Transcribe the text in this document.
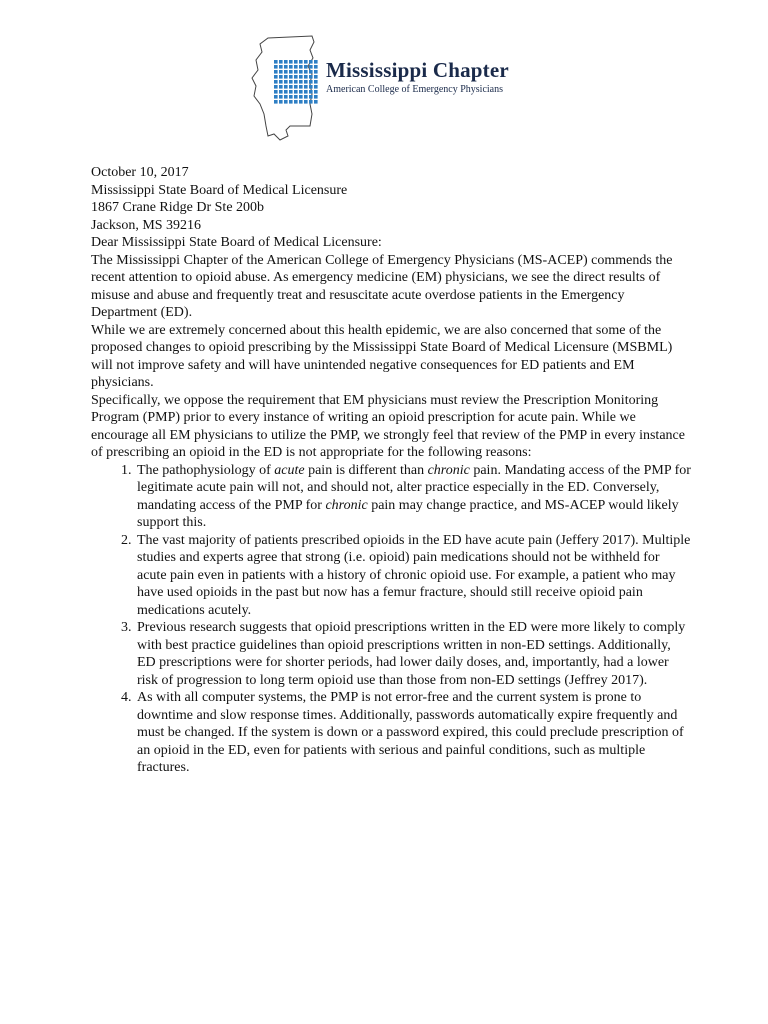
Mississippi Chapter
American College of Emergency Physicians

October 10, 2017

Mississippi State Board of Medical Licensure
1867 Crane Ridge Dr Ste 200b
Jackson, MS 39216

Dear Mississippi State Board of Medical Licensure:

The Mississippi Chapter of the American College of Emergency Physicians (MS-ACEP) commends the recent attention to opioid abuse. As emergency medicine (EM) physicians, we see the direct results of misuse and abuse and frequently treat and resuscitate acute overdose patients in the Emergency Department (ED).

While we are extremely concerned about this health epidemic, we are also concerned that some of the proposed changes to opioid prescribing by the Mississippi State Board of Medical Licensure (MSBML) will not improve safety and will have unintended negative consequences for ED patients and EM physicians.

Specifically, we oppose the requirement that EM physicians must review the Prescription Monitoring Program (PMP) prior to every instance of writing an opioid prescription for acute pain. While we encourage all EM physicians to utilize the PMP, we strongly feel that review of the PMP in every instance of prescribing an opioid in the ED is not appropriate for the following reasons:

1. The pathophysiology of acute pain is different than chronic pain. Mandating access of the PMP for legitimate acute pain will not, and should not, alter practice especially in the ED. Conversely, mandating access of the PMP for chronic pain may change practice, and MS-ACEP would likely support this.
2. The vast majority of patients prescribed opioids in the ED have acute pain (Jeffery 2017). Multiple studies and experts agree that strong (i.e. opioid) pain medications should not be withheld for acute pain even in patients with a history of chronic opioid use. For example, a patient who may have used opioids in the past but now has a femur fracture, should still receive opioid pain medications acutely.
3. Previous research suggests that opioid prescriptions written in the ED were more likely to comply with best practice guidelines than opioid prescriptions written in non-ED settings. Additionally, ED prescriptions were for shorter periods, had lower daily doses, and, importantly, had a lower risk of progression to long term opioid use than those from non-ED settings (Jeffrey 2017).
4. As with all computer systems, the PMP is not error-free and the current system is prone to downtime and slow response times. Additionally, passwords automatically expire frequently and must be changed. If the system is down or a password expired, this could preclude prescription of an opioid in the ED, even for patients with serious and painful conditions, such as multiple fractures.
